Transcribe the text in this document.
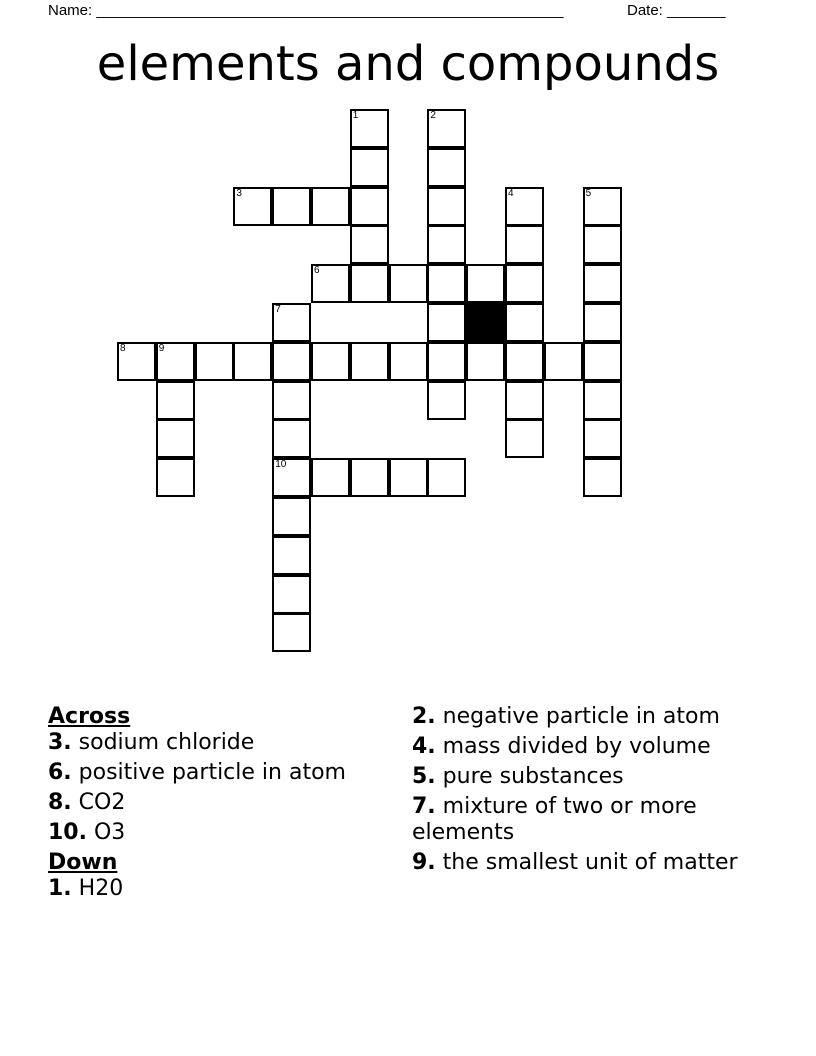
Name: ________________________________________________________	Date: _______
elements and compounds
1	2
3	4	5
6
7
10
8	9
Across
3. sodium chloride
6. positive particle in atom
8. CO2
10. O3
Down
1. H20
2. negative particle in atom
4. mass divided by volume
5. pure substances
7. mixture of two or more elements
9. the smallest unit of matter
